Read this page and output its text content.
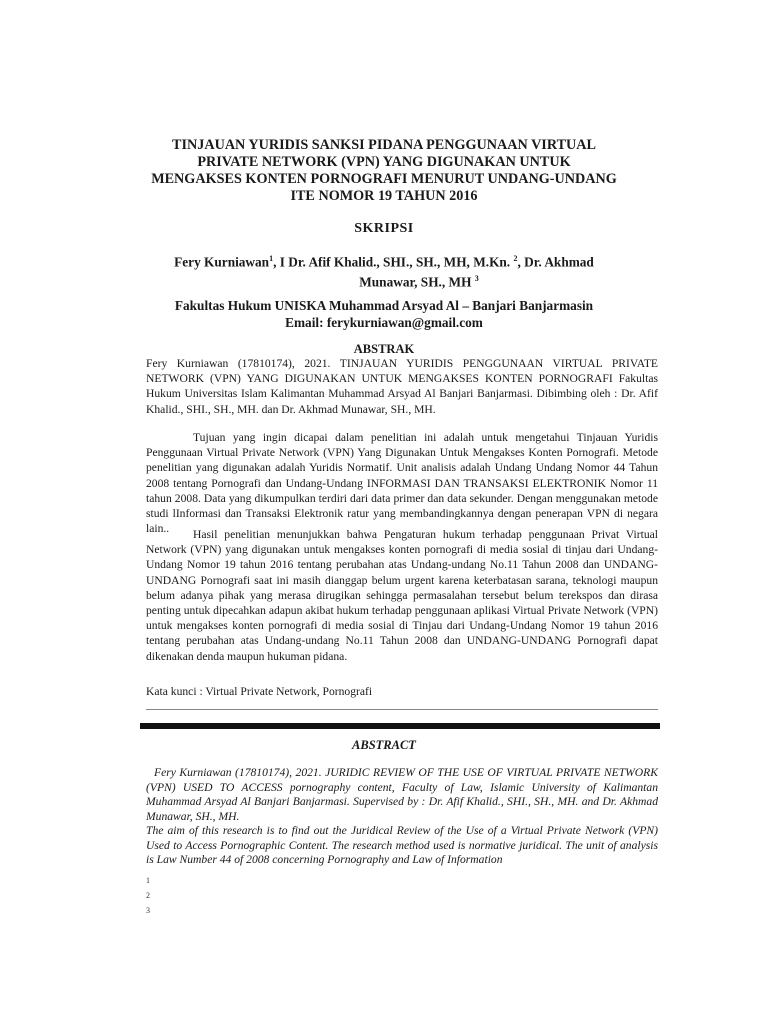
TINJAUAN YURIDIS SANKSI PIDANA PENGGUNAAN VIRTUAL
PRIVATE NETWORK (VPN) YANG DIGUNAKAN UNTUK
MENGAKSES KONTEN PORNOGRAFI MENURUT UNDANG-UNDANG
ITE NOMOR 19 TAHUN 2016
SKRIPSI
Fery Kurniawan$^1$, I Dr. Afif Khalid., SHI., SH., MH, M.Kn. $^2$, Dr. Akhmad
Munawar, SH., MH $^3$
Fakultas Hukum UNISKA Muhammad Arsyad Al – Banjari Banjarmasin
Email: ferykurniawan@gmail.com
ABSTRAK
Fery Kurniawan (17810174), 2021. TINJAUAN YURIDIS PENGGUNAAN VIRTUAL PRIVATE NETWORK (VPN) YANG DIGUNAKAN UNTUK MENGAKSES KONTEN PORNOGRAFI Fakultas Hukum Universitas Islam Kalimantan Muhammad Arsyad Al Banjari Banjarmasi. Dibimbing oleh : Dr. Afif Khalid., SHI., SH., MH. dan Dr. Akhmad Munawar, SH., MH.
Tujuan yang ingin dicapai dalam penelitian ini adalah untuk mengetahui Tinjauan Yuridis Penggunaan Virtual Private Network (VPN) Yang Digunakan Untuk Mengakses Konten Pornografi. Metode penelitian yang digunakan adalah Yuridis Normatif. Unit analisis adalah Undang Undang Nomor 44 Tahun 2008 tentang Pornografi dan Undang-Undang INFORMASI DAN TRANSAKSI ELEKTRONIK Nomor 11 tahun 2008. Data yang dikumpulkan terdiri dari data primer dan data sekunder. Dengan menggunakan metode studi lInformasi dan Transaksi Elektronik ratur yang membandingkannya dengan penerapan VPN di negara lain..	Hasil penelitian menunjukkan bahwa Pengaturan hukum terhadap penggunaan Privat Virtual Network (VPN) yang digunakan untuk mengakses konten pornografi di media sosial di tinjau dari Undang-Undang Nomor 19 tahun 2016 tentang perubahan atas Undang-undang No.11 Tahun 2008 dan UNDANG-UNDANG Pornografi saat ini masih dianggap belum urgent karena keterbatasan sarana, teknologi maupun belum adanya pihak yang merasa dirugikan sehingga permasalahan tersebut belum terekspos dan dirasa penting untuk dipecahkan adapun akibat hukum terhadap penggunaan aplikasi Virtual Private Network (VPN) untuk mengakses konten pornografi di media sosial di Tinjau dari Undang-Undang Nomor 19 tahun 2016 tentang perubahan atas Undang-undang No.11 Tahun 2008 dan UNDANG-UNDANG Pornografi dapat dikenakan denda maupun hukuman pidana.
Kata kunci : Virtual Private Network, Pornografi
ABSTRACT
Fery Kurniawan (17810174), 2021. JURIDIC REVIEW OF THE USE OF VIRTUAL PRIVATE NETWORK (VPN) USED TO ACCESS pornography content, Faculty of Law, Islamic University of Kalimantan Muhammad Arsyad Al Banjari Banjarmasi. Supervised by : Dr. Afif Khalid., SHI., SH., MH. and Dr. Akhmad Munawar, SH., MH.
The aim of this research is to find out the Juridical Review of the Use of a Virtual Private Network (VPN) Used to Access Pornographic Content. The research method used is normative juridical. The unit of analysis is Law Number 44 of 2008 concerning Pornography and Law of Information
1
2
3
